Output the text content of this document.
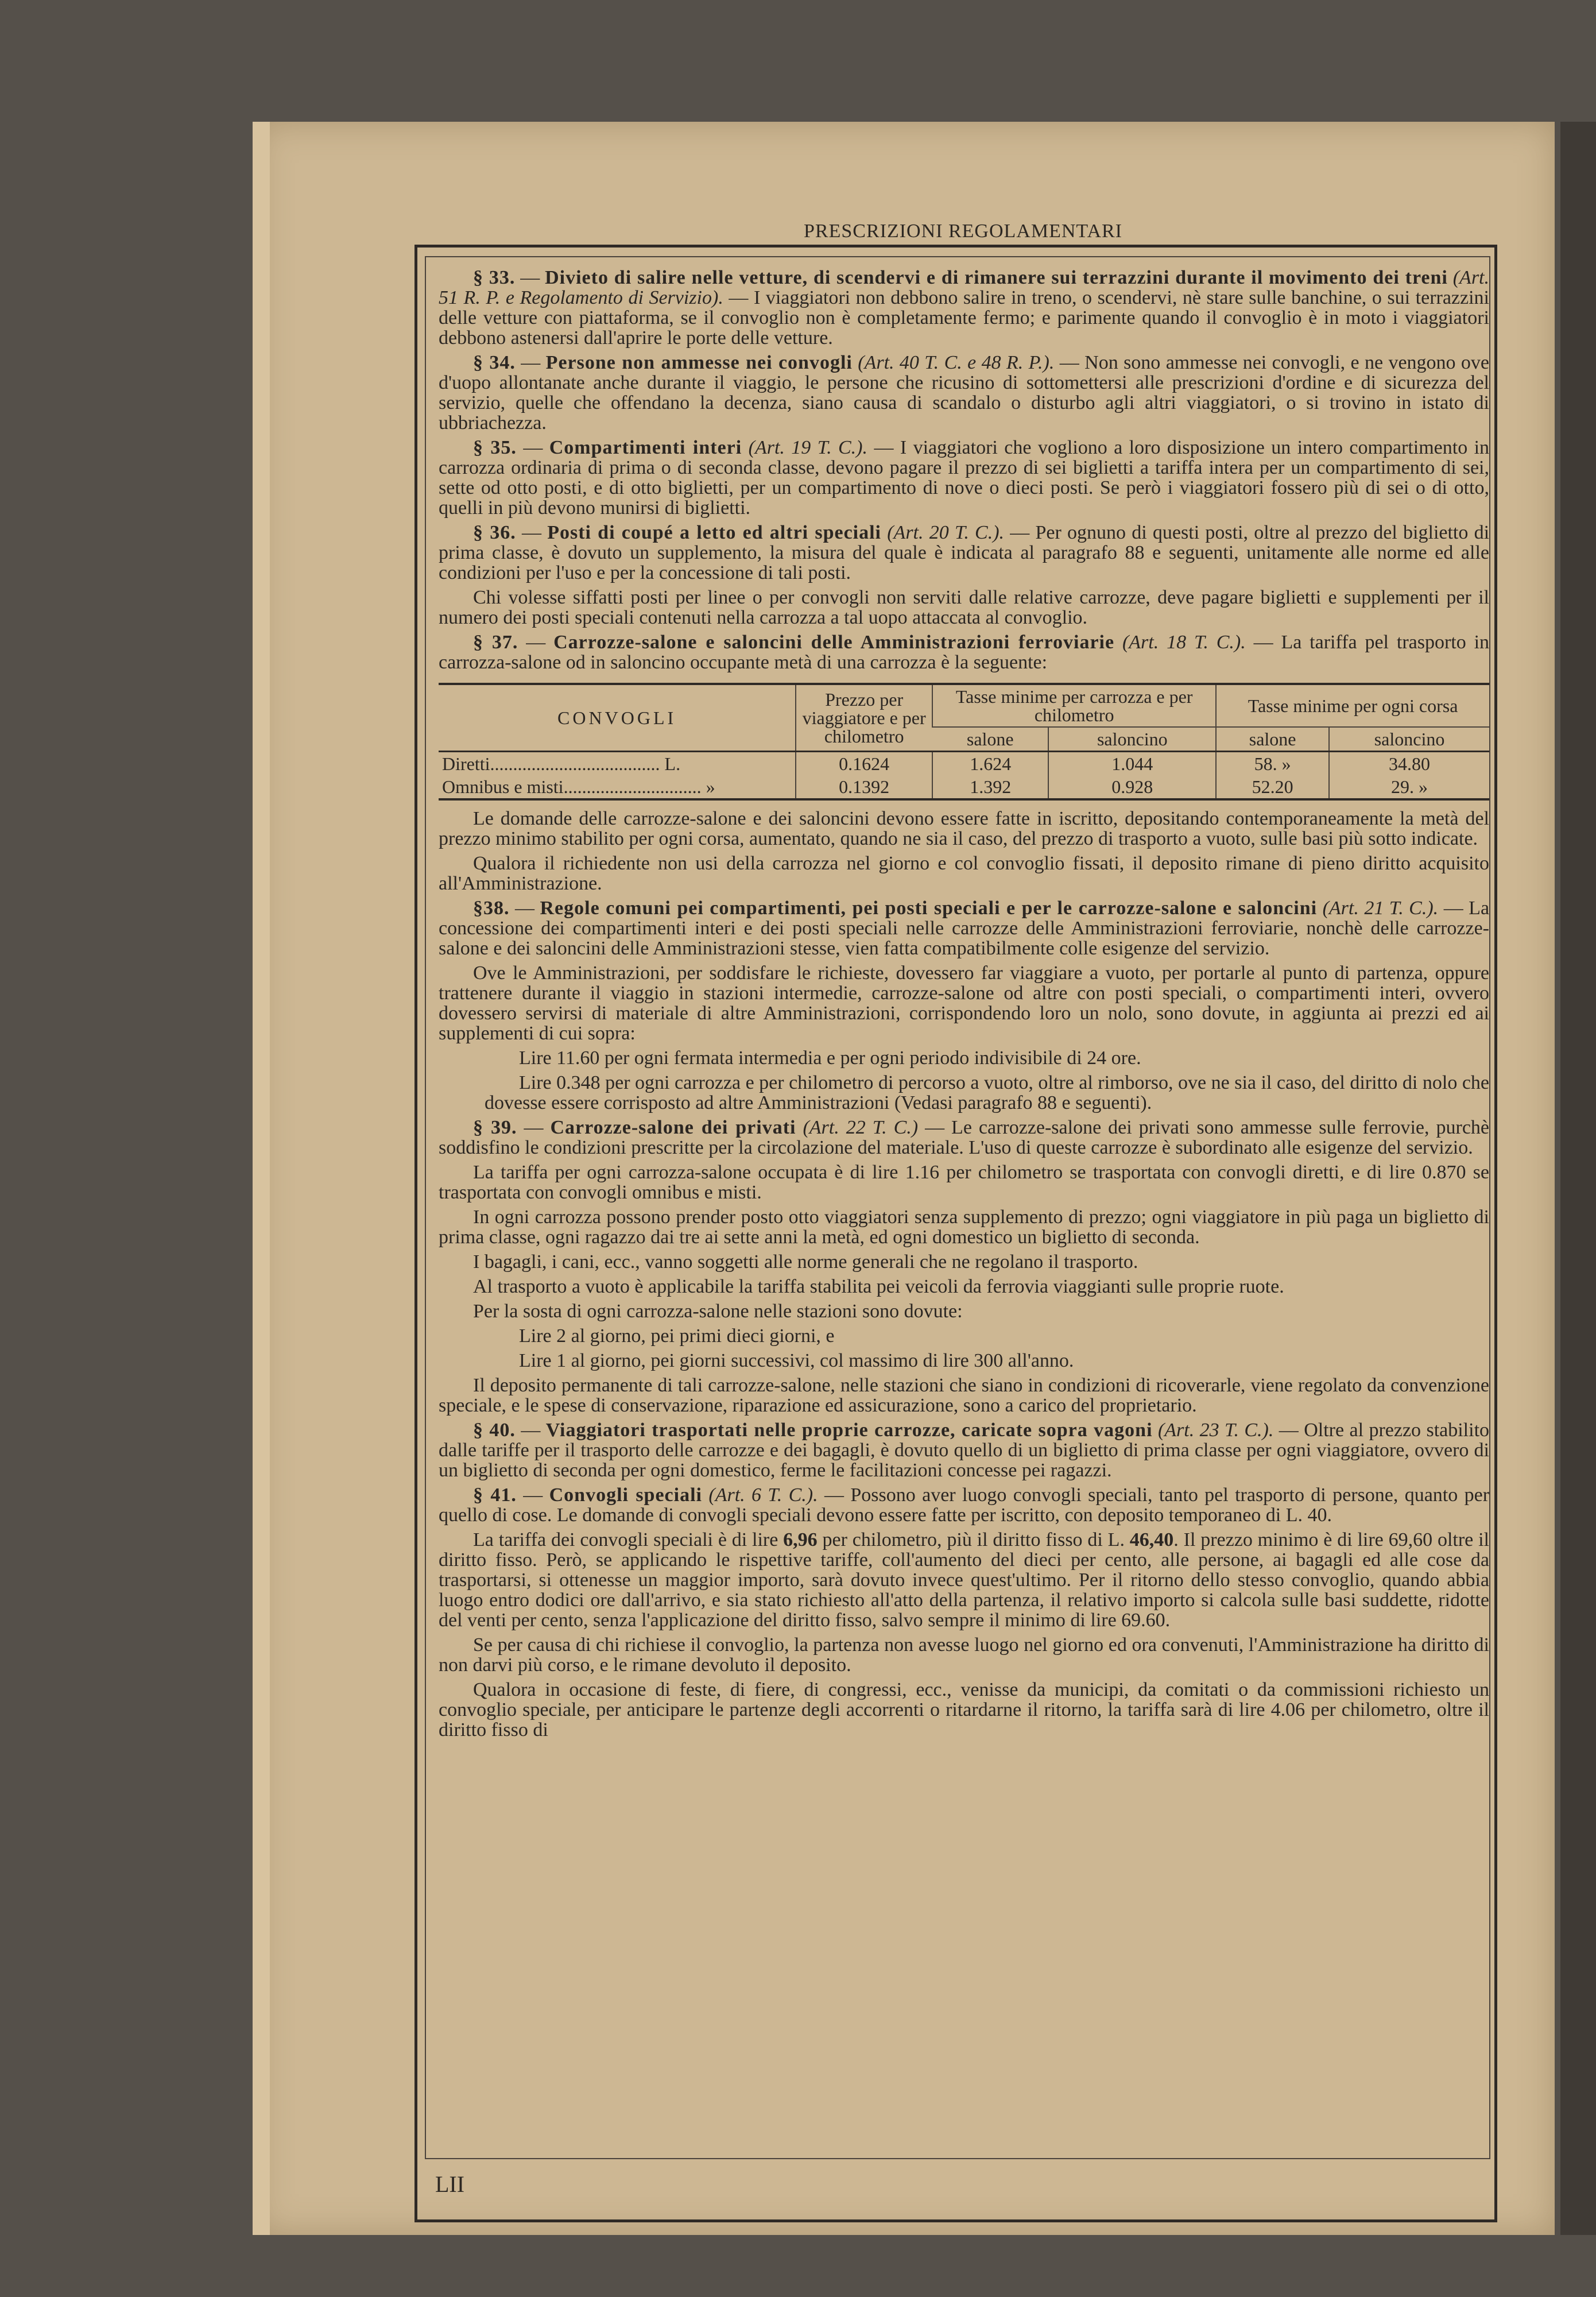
PRESCRIZIONI REGOLAMENTARI

§ 33. — Divieto di salire nelle vetture, di scendervi e di rimanere sui terrazzini durante il movimento dei treni (Art. 51 R. P. e Regolamento di Servizio). — I viaggiatori non debbono salire in treno, o scendervi, nè stare sulle banchine, o sui terrazzini delle vetture con piattaforma, se il convoglio non è completamente fermo; e parimente quando il convoglio è in moto i viaggiatori debbono astenersi dall'aprire le porte delle vetture.

§ 34. — Persone non ammesse nei convogli (Art. 40 T. C. e 48 R. P.). — Non sono ammesse nei convogli, e ne vengono ove d'uopo allontanate anche durante il viaggio, le persone che ricusino di sottomettersi alle prescrizioni d'ordine e di sicurezza del servizio, quelle che offendano la decenza, siano causa di scandalo o disturbo agli altri viaggiatori, o si trovino in istato di ubbriachezza.

§ 35. — Compartimenti interi (Art. 19 T. C.). — I viaggiatori che vogliono a loro disposizione un intero compartimento in carrozza ordinaria di prima o di seconda classe, devono pagare il prezzo di sei biglietti a tariffa intera per un compartimento di sei, sette od otto posti, e di otto biglietti, per un compartimento di nove o dieci posti. Se però i viaggiatori fossero più di sei o di otto, quelli in più devono munirsi di biglietti.

§ 36. — Posti di coupé a letto ed altri speciali (Art. 20 T. C.). — Per ognuno di questi posti, oltre al prezzo del biglietto di prima classe, è dovuto un supplemento, la misura del quale è indicata al paragrafo 88 e seguenti, unitamente alle norme ed alle condizioni per l'uso e per la concessione di tali posti.

Chi volesse siffatti posti per linee o per convogli non serviti dalle relative carrozze, deve pagare biglietti e supplementi per il numero dei posti speciali contenuti nella carrozza a tal uopo attaccata al convoglio.

§ 37. — Carrozze-salone e saloncini delle Amministrazioni ferroviarie (Art. 18 T. C.). — La tariffa pel trasporto in carrozza-salone od in saloncino occupante metà di una carrozza è la seguente:

CONVOGLI	Prezzo per viaggiatore e per chilometro	Tasse minime per carrozza e per chilometro		Tasse minime per ogni corsa	
		salone	saloncino	salone	saloncino
Diretti..................................... L.	0.1624	1.624	1.044	58. »	34.80
Omnibus e misti.............................. »	0.1392	1.392	0.928	52.20	29. »

Le domande delle carrozze-salone e dei saloncini devono essere fatte in iscritto, depositando contemporaneamente la metà del prezzo minimo stabilito per ogni corsa, aumentato, quando ne sia il caso, del prezzo di trasporto a vuoto, sulle basi più sotto indicate.

Qualora il richiedente non usi della carrozza nel giorno e col convoglio fissati, il deposito rimane di pieno diritto acquisito all'Amministrazione.

§38. — Regole comuni pei compartimenti, pei posti speciali e per le carrozze-salone e saloncini (Art. 21 T. C.). — La concessione dei compartimenti interi e dei posti speciali nelle carrozze delle Amministrazioni ferroviarie, nonchè delle carrozze-salone e dei saloncini delle Amministrazioni stesse, vien fatta compatibilmente colle esigenze del servizio.

Ove le Amministrazioni, per soddisfare le richieste, dovessero far viaggiare a vuoto, per portarle al punto di partenza, oppure trattenere durante il viaggio in stazioni intermedie, carrozze-salone od altre con posti speciali, o compartimenti interi, ovvero dovessero servirsi di materiale di altre Amministrazioni, corrispondendo loro un nolo, sono dovute, in aggiunta ai prezzi ed ai supplementi di cui sopra:

Lire 11.60 per ogni fermata intermedia e per ogni periodo indivisibile di 24 ore.

Lire 0.348 per ogni carrozza e per chilometro di percorso a vuoto, oltre al rimborso, ove ne sia il caso, del diritto di nolo che dovesse essere corrisposto ad altre Amministrazioni (Vedasi paragrafo 88 e seguenti).

§ 39. — Carrozze-salone dei privati (Art. 22 T. C.) — Le carrozze-salone dei privati sono ammesse sulle ferrovie, purchè soddisfino le condizioni prescritte per la circolazione del materiale. L'uso di queste carrozze è subordinato alle esigenze del servizio.

La tariffa per ogni carrozza-salone occupata è di lire 1.16 per chilometro se trasportata con convogli diretti, e di lire 0.870 se trasportata con convogli omnibus e misti.

In ogni carrozza possono prender posto otto viaggiatori senza supplemento di prezzo; ogni viaggiatore in più paga un biglietto di prima classe, ogni ragazzo dai tre ai sette anni la metà, ed ogni domestico un biglietto di seconda.

I bagagli, i cani, ecc., vanno soggetti alle norme generali che ne regolano il trasporto.

Al trasporto a vuoto è applicabile la tariffa stabilita pei veicoli da ferrovia viaggianti sulle proprie ruote.

Per la sosta di ogni carrozza-salone nelle stazioni sono dovute:

Lire 2 al giorno, pei primi dieci giorni, e

Lire 1 al giorno, pei giorni successivi, col massimo di lire 300 all'anno.

Il deposito permanente di tali carrozze-salone, nelle stazioni che siano in condizioni di ricoverarle, viene regolato da convenzione speciale, e le spese di conservazione, riparazione ed assicurazione, sono a carico del proprietario.

§ 40. — Viaggiatori trasportati nelle proprie carrozze, caricate sopra vagoni (Art. 23 T. C.). — Oltre al prezzo stabilito dalle tariffe per il trasporto delle carrozze e dei bagagli, è dovuto quello di un biglietto di prima classe per ogni viaggiatore, ovvero di un biglietto di seconda per ogni domestico, ferme le facilitazioni concesse pei ragazzi.

§ 41. — Convogli speciali (Art. 6 T. C.). — Possono aver luogo convogli speciali, tanto pel trasporto di persone, quanto per quello di cose. Le domande di convogli speciali devono essere fatte per iscritto, con deposito temporaneo di L. 40.

La tariffa dei convogli speciali è di lire 6,96 per chilometro, più il diritto fisso di L. 46,40. Il prezzo minimo è di lire 69,60 oltre il diritto fisso. Però, se applicando le rispettive tariffe, coll'aumento del dieci per cento, alle persone, ai bagagli ed alle cose da trasportarsi, si ottenesse un maggior importo, sarà dovuto invece quest'ultimo. Per il ritorno dello stesso convoglio, quando abbia luogo entro dodici ore dall'arrivo, e sia stato richiesto all'atto della partenza, il relativo importo si calcola sulle basi suddette, ridotte del venti per cento, senza l'applicazione del diritto fisso, salvo sempre il minimo di lire 69.60.

Se per causa di chi richiese il convoglio, la partenza non avesse luogo nel giorno ed ora convenuti, l'Amministrazione ha diritto di non darvi più corso, e le rimane devoluto il deposito.

Qualora in occasione di feste, di fiere, di congressi, ecc., venisse da municipi, da comitati o da commissioni richiesto un convoglio speciale, per anticipare le partenze degli accorrenti o ritardarne il ritorno, la tariffa sarà di lire 4.06 per chilometro, oltre il diritto fisso di

LII
